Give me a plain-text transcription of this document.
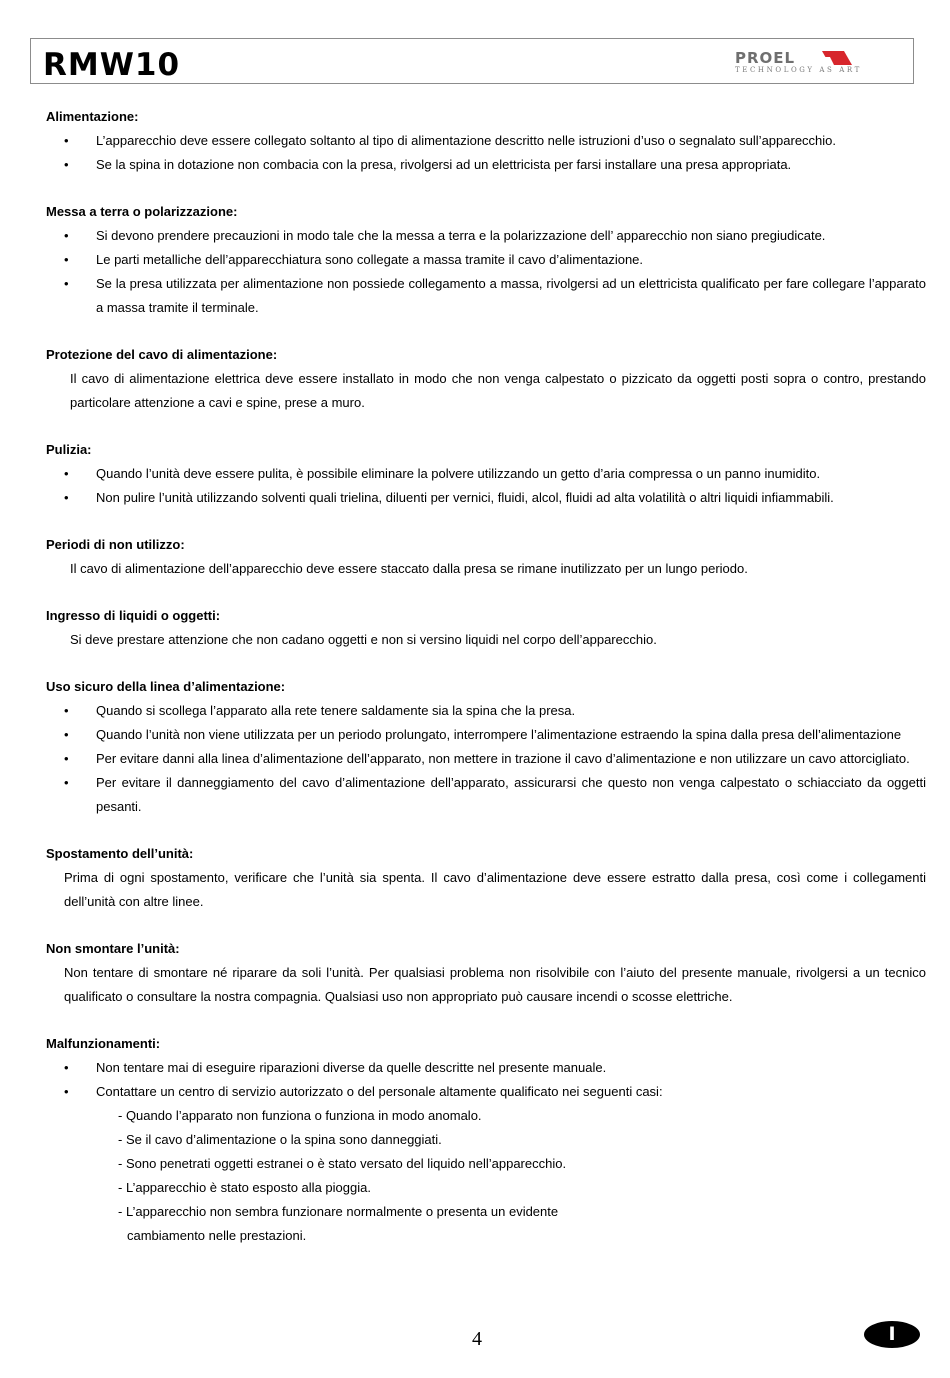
RMW10	PROEL
TECHNOLOGY AS ART
Alimentazione:
• L’apparecchio deve essere collegato soltanto al tipo di alimentazione descritto nelle istruzioni d’uso o segnalato sull’apparecchio.
• Se la spina in dotazione non combacia con la presa, rivolgersi ad un elettricista per farsi installare una presa appropriata.
Messa a terra o polarizzazione:
• Si devono prendere precauzioni in modo tale che la messa a terra e la polarizzazione dell’ apparecchio non siano pregiudicate.
• Le parti metalliche dell’apparecchiatura sono collegate a massa tramite il cavo d’alimentazione.
• Se la presa utilizzata per alimentazione non possiede collegamento a massa, rivolgersi ad un elettricista qualificato per fare collegare l’apparato a massa tramite il terminale.
Protezione del cavo di alimentazione:

Il cavo di alimentazione elettrica deve essere installato in modo che non venga calpestato o pizzicato da oggetti posti sopra o contro, prestando particolare attenzione a cavi e spine, prese a muro.

Pulizia:
• Quando l’unità deve essere pulita, è possibile eliminare la polvere utilizzando un getto d’aria compressa o un panno inumidito.
• Non pulire l’unità utilizzando solventi quali trielina, diluenti per vernici, fluidi, alcol, fluidi ad alta volatilità o altri liquidi infiammabili.
Periodi di non utilizzo:

Il cavo di alimentazione dell’apparecchio deve essere staccato dalla presa se rimane inutilizzato per un lungo periodo.

Ingresso di liquidi o oggetti:

Si deve prestare attenzione che non cadano oggetti e non si versino liquidi nel corpo dell’apparecchio.

Uso sicuro della linea d’alimentazione:
• Quando si scollega l’apparato alla rete tenere saldamente sia la spina che la presa.
• Quando l’unità non viene utilizzata per un periodo prolungato, interrompere l’alimentazione estraendo la spina dalla presa dell’alimentazione
• Per evitare danni alla linea d’alimentazione dell’apparato, non mettere in trazione il cavo d’alimentazione e non utilizzare un cavo attorcigliato.
• Per evitare il danneggiamento del cavo d’alimentazione dell’apparato, assicurarsi che questo non venga calpestato o schiacciato da oggetti pesanti.
Spostamento dell’unità:

Prima di ogni spostamento, verificare che l’unità sia spenta. Il cavo d’alimentazione deve essere estratto dalla presa, così come i collegamenti dell’unità con altre linee.

Non smontare l’unità:

Non tentare di smontare né riparare da soli l’unità. Per qualsiasi problema non risolvibile con l’aiuto del presente manuale, rivolgersi a un tecnico qualificato o consultare la nostra compagnia. Qualsiasi uso non appropriato può causare incendi o scosse elettriche.

Malfunzionamenti:
• Non tentare mai di eseguire riparazioni diverse da quelle descritte nel presente manuale.
• Contattare un centro di servizio autorizzato o del personale altamente qualificato nei seguenti casi:
- Quando l’apparato non funziona o funziona in modo anomalo.
- Se il cavo d’alimentazione o la spina sono danneggiati.
- Sono penetrati oggetti estranei o è stato versato del liquido nell’apparecchio.
- L’apparecchio è stato esposto alla pioggia.
- L’apparecchio non sembra funzionare normalmente o presenta un evidente cambiamento nelle prestazioni.
4	I
